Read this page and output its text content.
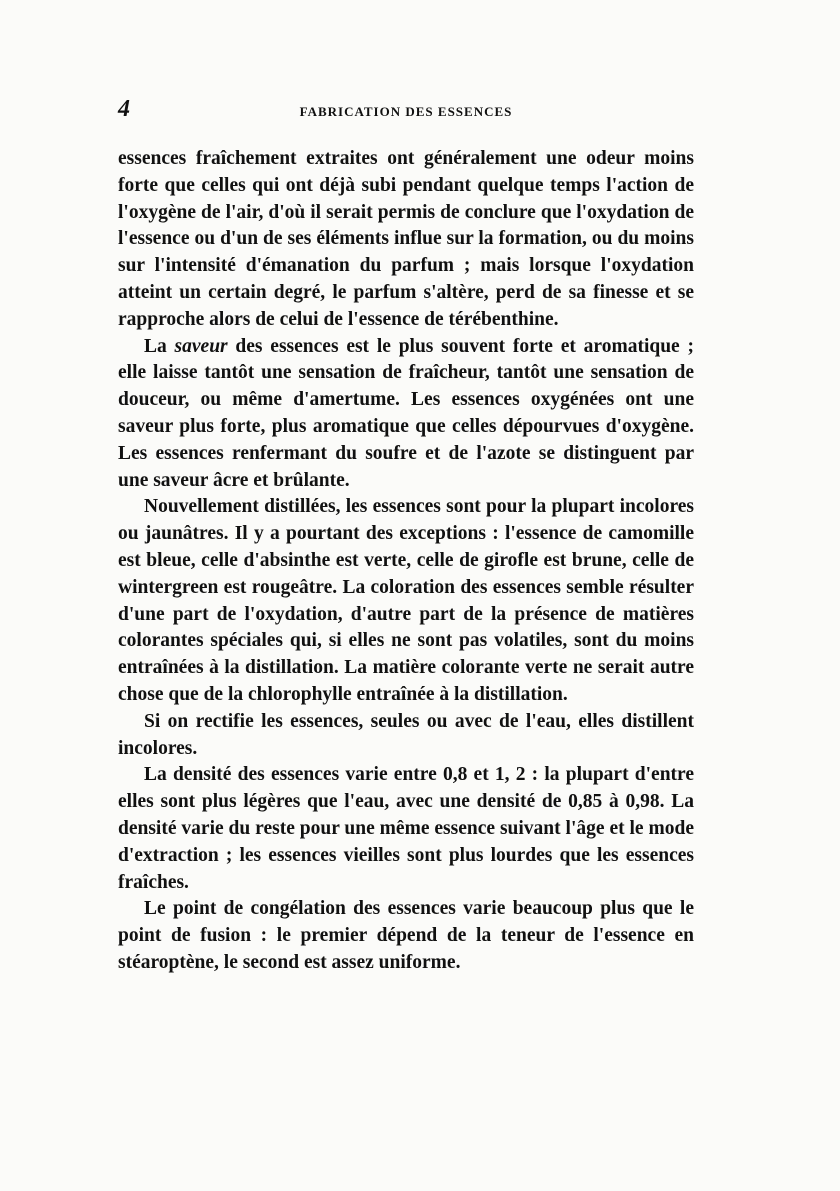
4	FABRICATION DES ESSENCES

essences fraîchement extraites ont généralement une odeur moins forte que celles qui ont déjà subi pendant quelque temps l'action de l'oxygène de l'air, d'où il serait permis de conclure que l'oxydation de l'essence ou d'un de ses éléments influe sur la formation, ou du moins sur l'intensité d'émanation du parfum ; mais lorsque l'oxydation atteint un certain degré, le parfum s'altère, perd de sa finesse et se rapproche alors de celui de l'essence de térébenthine.

La saveur des essences est le plus souvent forte et aromatique ; elle laisse tantôt une sensation de fraîcheur, tantôt une sensation de douceur, ou même d'amertume. Les essences oxygénées ont une saveur plus forte, plus aromatique que celles dépourvues d'oxygène. Les essences renfermant du soufre et de l'azote se distinguent par une saveur âcre et brûlante.

Nouvellement distillées, les essences sont pour la plupart incolores ou jaunâtres. Il y a pourtant des exceptions : l'essence de camomille est bleue, celle d'absinthe est verte, celle de girofle est brune, celle de wintergreen est rougeâtre. La coloration des essences semble résulter d'une part de l'oxydation, d'autre part de la présence de matières colorantes spéciales qui, si elles ne sont pas volatiles, sont du moins entraînées à la distillation. La matière colorante verte ne serait autre chose que de la chlorophylle entraînée à la distillation.

Si on rectifie les essences, seules ou avec de l'eau, elles distillent incolores.

La densité des essences varie entre 0,8 et 1, 2 : la plupart d'entre elles sont plus légères que l'eau, avec une densité de 0,85 à 0,98. La densité varie du reste pour une même essence suivant l'âge et le mode d'extraction ; les essences vieilles sont plus lourdes que les essences fraîches.

Le point de congélation des essences varie beaucoup plus que le point de fusion : le premier dépend de la teneur de l'essence en stéaroptène, le second est assez uniforme.
